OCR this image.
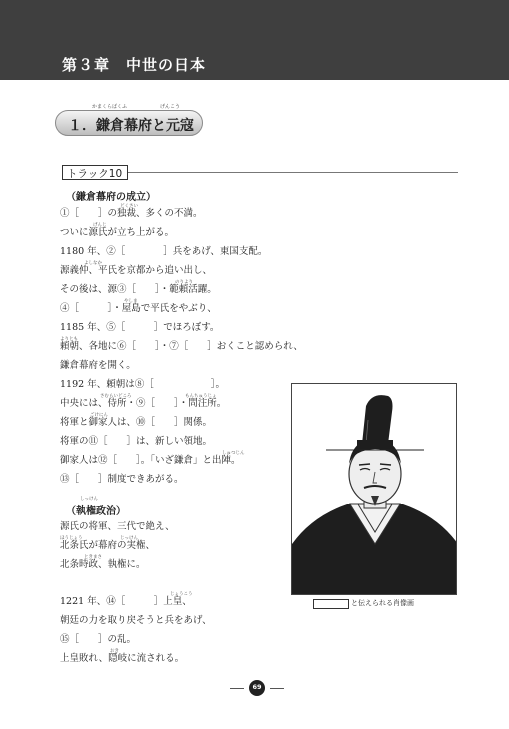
第３章　中世の日本
かまくらばくふ	げんこう
１．鎌倉幕府と元寇
トラック10
（鎌倉幕府の成立）
どくさい
①［　　］の独裁、多くの不満。
げんじ
ついに源氏が立ち上がる。
1180 年、②［　　　　］兵をあげ、東国支配。
よしなか
源義仲、平氏を京都から追い出し、
のりより
その後は、源③［　　］・範頼活躍。
やしま
④［　　　］・屋島で平氏をやぶり、
1185 年、⑤［　　　］でほろぼす。
よりとも
頼朝、各地に⑥［　　］・⑦［　　］おくこと認められ、
鎌倉幕府を開く。
1192 年、頼朝は⑧［　　　　　　］。
さむらいどころ	もんちゅうじょ
中央には、侍所・⑨［　　］・問注所。
ごけにん
将軍と御家人は、⑩［　　］関係。
将軍の⑪［　　］は、新しい領地。
しゅつじん
御家人は⑫［　　］。「いざ鎌倉」と出陣。
⑬［　　］制度できあがる。
しっけん
（執権政治）
源氏の将軍、三代で絶え、
ほうじょう	じっけん
北条氏が幕府の実権、
ときまさ
北条時政、執権に。
じょうこう
1221 年、⑭［　　　］上皇、
朝廷の力を取り戻そうと兵をあげ、
⑮［　　］の乱。
おき
上皇敗れ、隠岐に流される。
と伝えられる肖像画
69
